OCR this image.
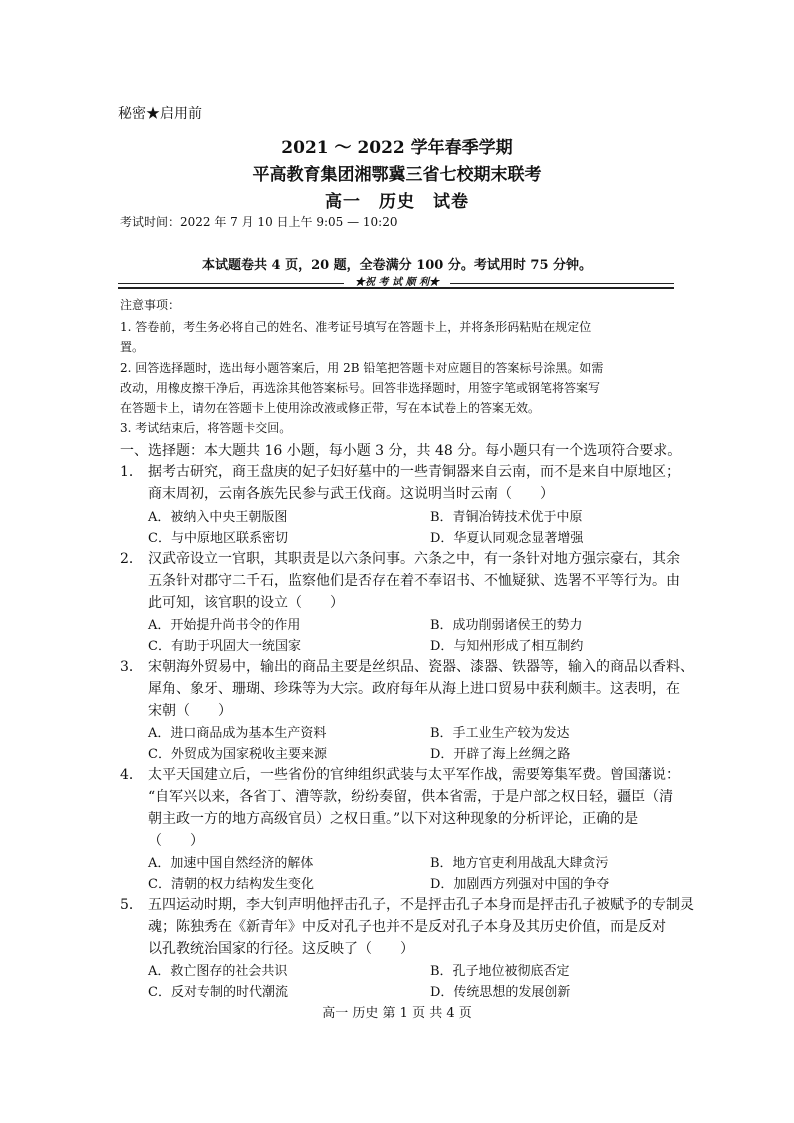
秘密★启用前
2021 ～ 2022 学年春季学期
平高教育集团湘鄂冀三省七校期末联考
高一　历史　试卷
考试时间：2022 年 7 月 10 日上午 9:05 — 10:20
本试题卷共 4 页，20 题，全卷满分 100 分。考试用时 75 分钟。
★祝 考 试 顺 利★
注意事项：
1. 答卷前，考生务必将自己的姓名、准考证号填写在答题卡上，并将条形码粘贴在规定位
置。
2. 回答选择题时，选出每小题答案后，用 2B 铅笔把答题卡对应题目的答案标号涂黑。如需
改动，用橡皮擦干净后，再选涂其他答案标号。回答非选择题时，用签字笔或钢笔将答案写
在答题卡上，请勿在答题卡上使用涂改液或修正带，写在本试卷上的答案无效。
3. 考试结束后，将答题卡交回。
一、选择题：本大题共 16 小题，每小题 3 分，共 48 分。每小题只有一个选项符合要求。
1． 据考古研究，商王盘庚的妃子妇好墓中的一些青铜器来自云南，而不是来自中原地区；
商末周初，云南各族先民参与武王伐商。这说明当时云南（　　）
A．被纳入中央王朝版图	B．青铜冶铸技术优于中原
C．与中原地区联系密切	D．华夏认同观念显著增强
2． 汉武帝设立一官职，其职责是以六条问事。六条之中，有一条针对地方强宗豪右，其余
五条针对郡守二千石，监察他们是否存在着不奉诏书、不恤疑狱、选署不平等行为。由
此可知，该官职的设立（　　）
A．开始提升尚书令的作用	B．成功削弱诸侯王的势力
C．有助于巩固大一统国家	D．与知州形成了相互制约
3． 宋朝海外贸易中，输出的商品主要是丝织品、瓷器、漆器、铁器等，输入的商品以香料、
犀角、象牙、珊瑚、珍珠等为大宗。政府每年从海上进口贸易中获利颇丰。这表明，在
宋朝（　　）
A．进口商品成为基本生产资料	B．手工业生产较为发达
C．外贸成为国家税收主要来源	D．开辟了海上丝绸之路
4． 太平天国建立后，一些省份的官绅组织武装与太平军作战，需要筹集军费。曾国藩说：
“自军兴以来，各省丁、漕等款，纷纷奏留，供本省需，于是户部之权日轻，疆臣（清
朝主政一方的地方高级官员）之权日重。”以下对这种现象的分析评论，正确的是
（　　）
A．加速中国自然经济的解体	B．地方官吏利用战乱大肆贪污
C．清朝的权力结构发生变化	D．加剧西方列强对中国的争夺
5． 五四运动时期，李大钊声明他抨击孔子，不是抨击孔子本身而是抨击孔子被赋予的专制灵
魂；陈独秀在《新青年》中反对孔子也并不是反对孔子本身及其历史价值，而是反对
以孔教统治国家的行径。这反映了（　　）
A．救亡图存的社会共识	B．孔子地位被彻底否定
C．反对专制的时代潮流	D．传统思想的发展创新
高一 历史 第 1 页 共 4 页
